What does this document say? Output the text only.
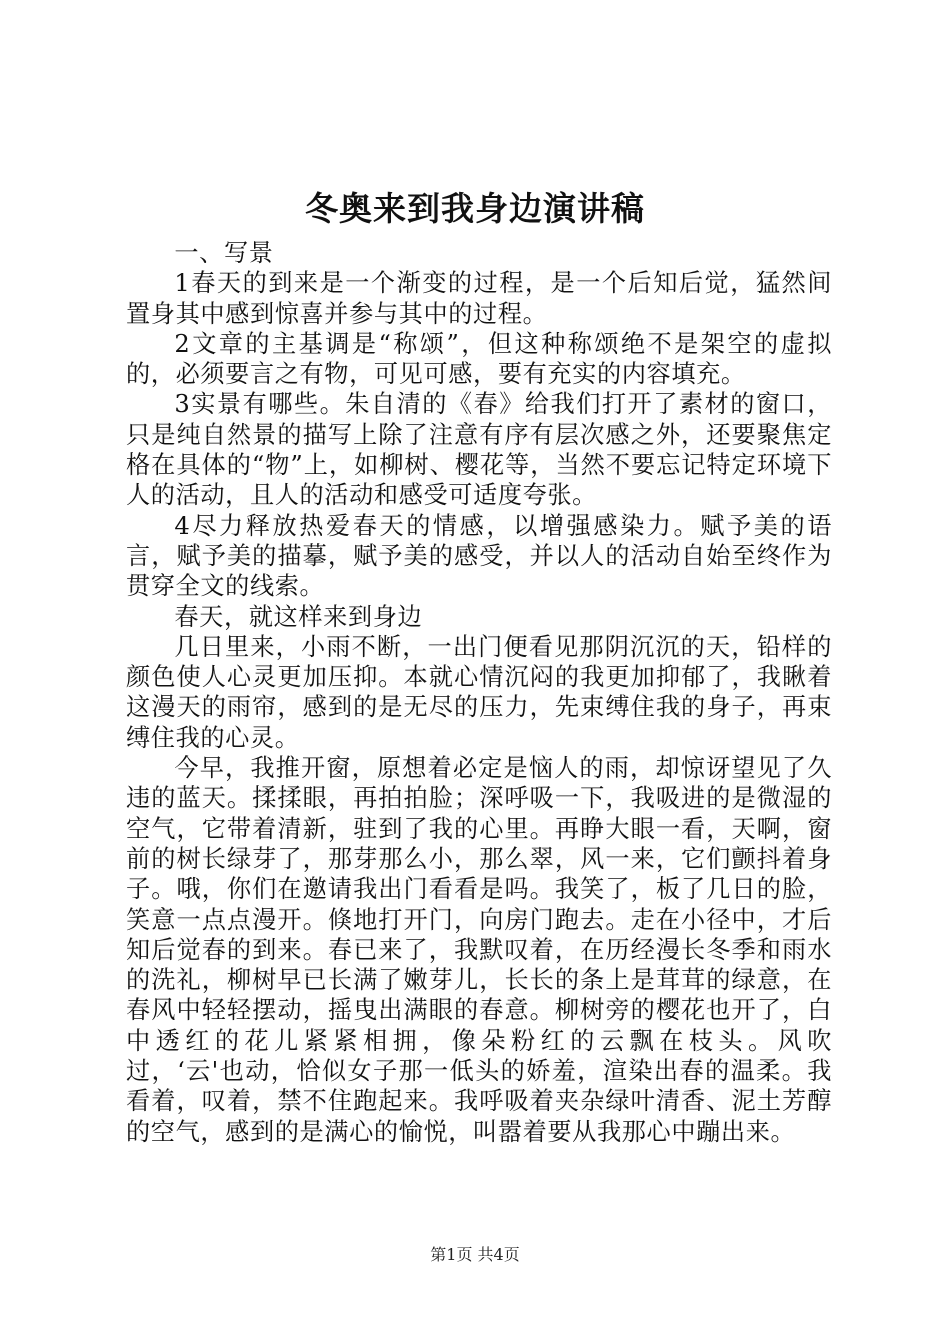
冬奥来到我身边演讲稿

一、写景

1春天的到来是一个渐变的过程，是一个后知后觉，猛然间置身其中感到惊喜并参与其中的过程。

2文章的主基调是“称颂”，但这种称颂绝不是架空的虚拟的，必须要言之有物，可见可感，要有充实的内容填充。

3实景有哪些。朱自清的《春》给我们打开了素材的窗口，只是纯自然景的描写上除了注意有序有层次感之外，还要聚焦定格在具体的“物”上，如柳树、樱花等，当然不要忘记特定环境下人的活动，且人的活动和感受可适度夸张。

4尽力释放热爱春天的情感，以增强感染力。赋予美的语言，赋予美的描摹，赋予美的感受，并以人的活动自始至终作为贯穿全文的线索。

春天，就这样来到身边

几日里来，小雨不断，一出门便看见那阴沉沉的天，铅样的颜色使人心灵更加压抑。本就心情沉闷的我更加抑郁了，我瞅着这漫天的雨帘，感到的是无尽的压力，先束缚住我的身子，再束缚住我的心灵。

今早，我推开窗，原想着必定是恼人的雨，却惊讶望见了久违的蓝天。揉揉眼，再拍拍脸；深呼吸一下，我吸进的是微湿的空气，它带着清新，驻到了我的心里。再睁大眼一看，天啊，窗前的树长绿芽了，那芽那么小，那么翠，风一来，它们颤抖着身子。哦，你们在邀请我出门看看是吗。我笑了，板了几日的脸，笑意一点点漫开。倏地打开门，向房门跑去。走在小径中，才后知后觉春的到来。春已来了，我默叹着，在历经漫长冬季和雨水的洗礼，柳树早已长满了嫩芽儿，长长的条上是茸茸的绿意，在春风中轻轻摆动，摇曳出满眼的春意。柳树旁的樱花也开了，白中透红的花儿紧紧相拥，像朵粉红的云飘在枝头。风吹过，‘云'也动，恰似女子那一低头的娇羞，渲染出春的温柔。我看着，叹着，禁不住跑起来。我呼吸着夹杂绿叶清香、泥土芳醇的空气，感到的是满心的愉悦，叫嚣着要从我那心中蹦出来。

第1页 共4页
